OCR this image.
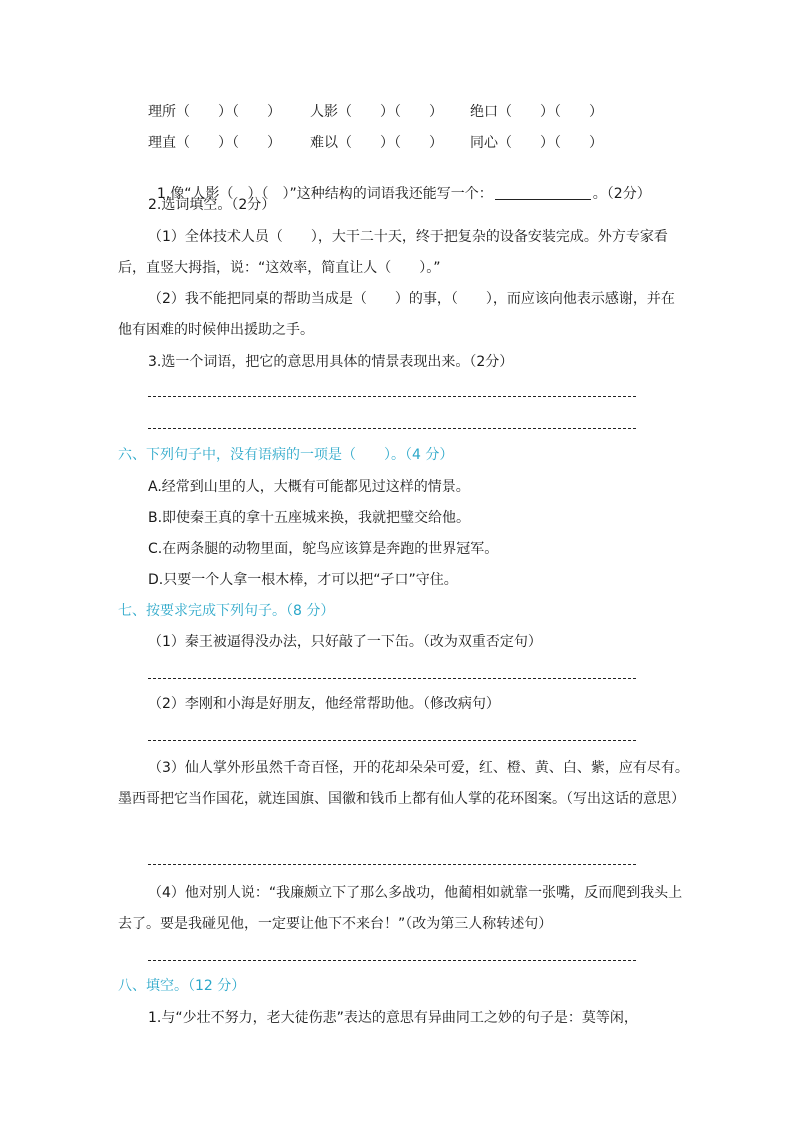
理所（　　）（　　） 人影（　　）（　　） 绝口（　　）（　　）
理直（　　）（　　） 难以（　　）（　　） 同心（　　）（　　）

1.像“人影（　）（　）”这种结构的词语我还能写一个：	。（2分）

2.选词填空。（2分）
（1）全体技术人员（　　），大干二十天，终于把复杂的设备安装完成。外方专家看
后，直竖大拇指，说：“这效率，简直让人（　　）。”
（2）我不能把同桌的帮助当成是（　　）的事，（　　），而应该向他表示感谢，并在
他有困难的时候伸出援助之手。
3.选一个词语，把它的意思用具体的情景表现出来。（2分）
六、下列句子中，没有语病的一项是（　　）。（4 分）
A.经常到山里的人，大概有可能都见过这样的情景。
B.即使秦王真的拿十五座城来换，我就把璧交给他。
C.在两条腿的动物里面，鸵鸟应该算是奔跑的世界冠军。
D.只要一个人拿一根木棒，才可以把“孑口”守住。
七、按要求完成下列句子。（8 分）
（1）秦王被逼得没办法，只好敲了一下缶。（改为双重否定句）
（2）李刚和小海是好朋友，他经常帮助他。（修改病句）
（3）仙人掌外形虽然千奇百怪，开的花却朵朵可爱，红、橙、黄、白、紫，应有尽有。
墨西哥把它当作国花，就连国旗、国徽和钱币上都有仙人掌的花环图案。（写出这话的意思）
（4）他对别人说：“我廉颇立下了那么多战功，他蔺相如就靠一张嘴，反而爬到我头上
去了。要是我碰见他，一定要让他下不来台！”（改为第三人称转述句）
八、填空。（12 分）
1.与“少壮不努力，老大徒伤悲”表达的意思有异曲同工之妙的句子是：莫等闲，
